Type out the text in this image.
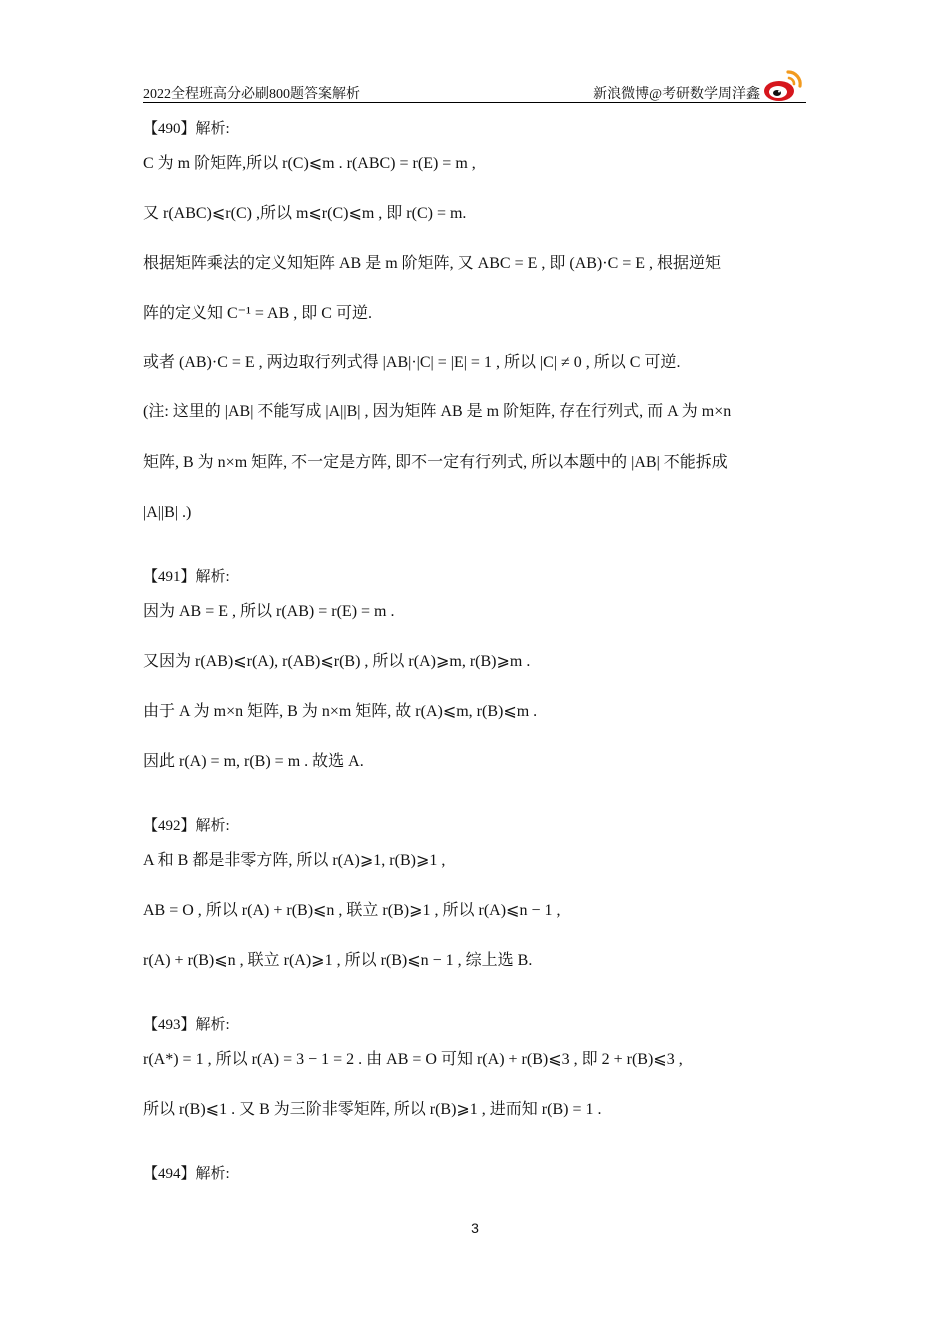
2022全程班高分必刷800题答案解析	新浪微博@考研数学周洋鑫
【490】解析:
C 为 m 阶矩阵,所以 r(C)⩽m . r(ABC) = r(E) = m ,
又 r(ABC)⩽r(C) ,所以 m⩽r(C)⩽m , 即 r(C) = m.
根据矩阵乘法的定义知矩阵 AB 是 m 阶矩阵, 又 ABC = E , 即 (AB)·C = E , 根据逆矩
阵的定义知 C⁻¹ = AB , 即 C 可逆.
或者 (AB)·C = E , 两边取行列式得 |AB|·|C| = |E| = 1 , 所以 |C| ≠ 0 , 所以 C 可逆.
(注: 这里的 |AB| 不能写成 |A||B| , 因为矩阵 AB 是 m 阶矩阵, 存在行列式, 而 A 为 m×n
矩阵, B 为 n×m 矩阵, 不一定是方阵, 即不一定有行列式, 所以本题中的 |AB| 不能拆成
|A||B| .)
【491】解析:
因为 AB = E , 所以 r(AB) = r(E) = m .
又因为 r(AB)⩽r(A), r(AB)⩽r(B) , 所以 r(A)⩾m, r(B)⩾m .
由于 A 为 m×n 矩阵, B 为 n×m 矩阵, 故 r(A)⩽m, r(B)⩽m .
因此 r(A) = m, r(B) = m . 故选 A.
【492】解析:
A 和 B 都是非零方阵, 所以 r(A)⩾1, r(B)⩾1 ,
AB = O , 所以 r(A) + r(B)⩽n , 联立 r(B)⩾1 , 所以 r(A)⩽n − 1 ,
r(A) + r(B)⩽n , 联立 r(A)⩾1 , 所以 r(B)⩽n − 1 , 综上选 B.
【493】解析:
r(A*) = 1 , 所以 r(A) = 3 − 1 = 2 . 由 AB = O 可知 r(A) + r(B)⩽3 , 即 2 + r(B)⩽3 ,
所以 r(B)⩽1 . 又 B 为三阶非零矩阵, 所以 r(B)⩾1 , 进而知 r(B) = 1 .
【494】解析:
3
